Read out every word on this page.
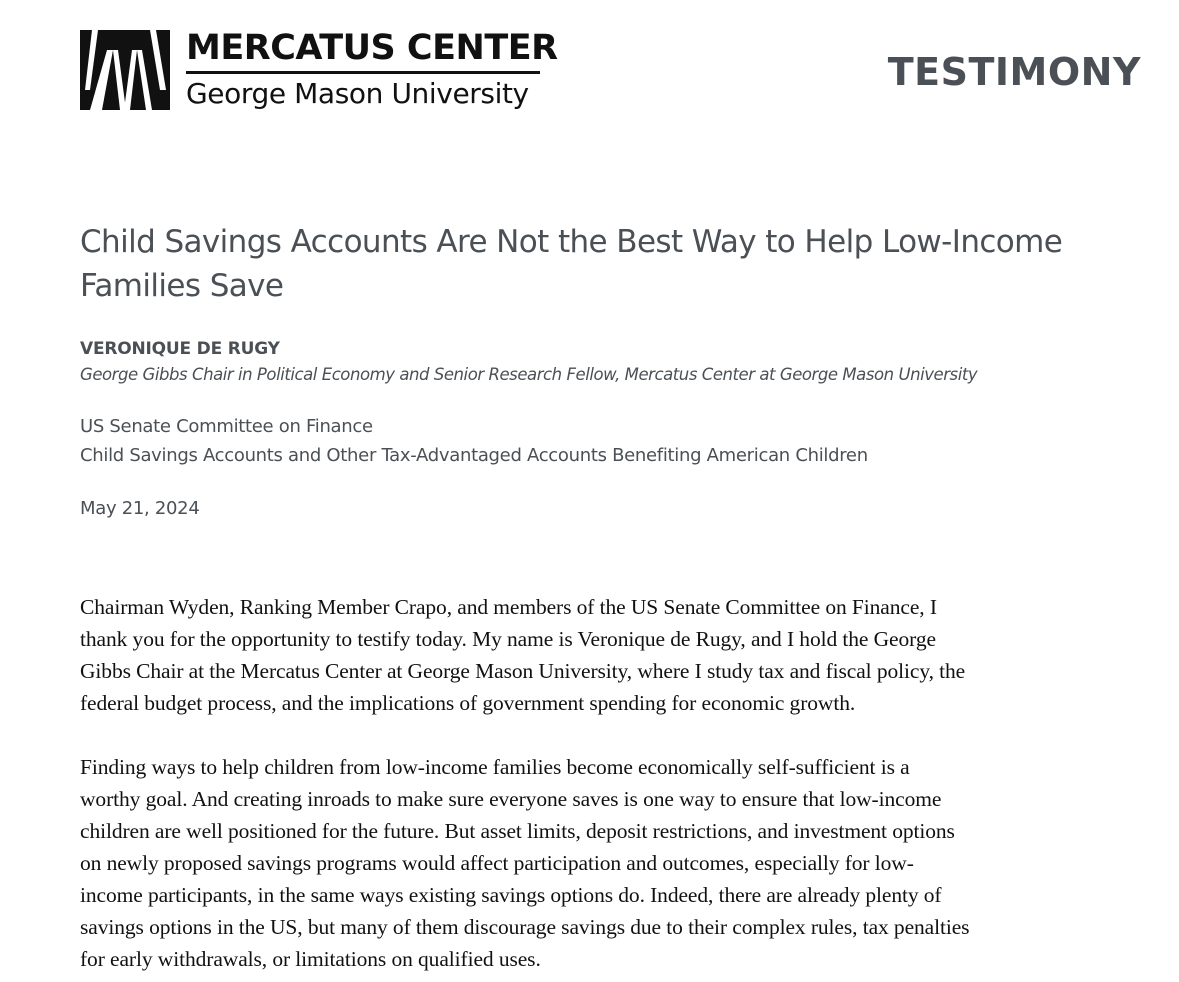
MERCATUS CENTER
George Mason University	TESTIMONY
Child Savings Accounts Are Not the Best Way to Help Low-Income
Families Save
VERONIQUE DE RUGY
George Gibbs Chair in Political Economy and Senior Research Fellow, Mercatus Center at George Mason University
US Senate Committee on Finance
Child Savings Accounts and Other Tax-Advantaged Accounts Benefiting American Children
May 21, 2024

Chairman Wyden, Ranking Member Crapo, and members of the US Senate Committee on Finance, I
thank you for the opportunity to testify today. My name is Veronique de Rugy, and I hold the George
Gibbs Chair at the Mercatus Center at George Mason University, where I study tax and fiscal policy, the
federal budget process, and the implications of government spending for economic growth.

Finding ways to help children from low-income families become economically self-sufficient is a
worthy goal. And creating inroads to make sure everyone saves is one way to ensure that low-income
children are well positioned for the future. But asset limits, deposit restrictions, and investment options
on newly proposed savings programs would affect participation and outcomes, especially for low-
income participants, in the same ways existing savings options do. Indeed, there are already plenty of
savings options in the US, but many of them discourage savings due to their complex rules, tax penalties
for early withdrawals, or limitations on qualified uses.
